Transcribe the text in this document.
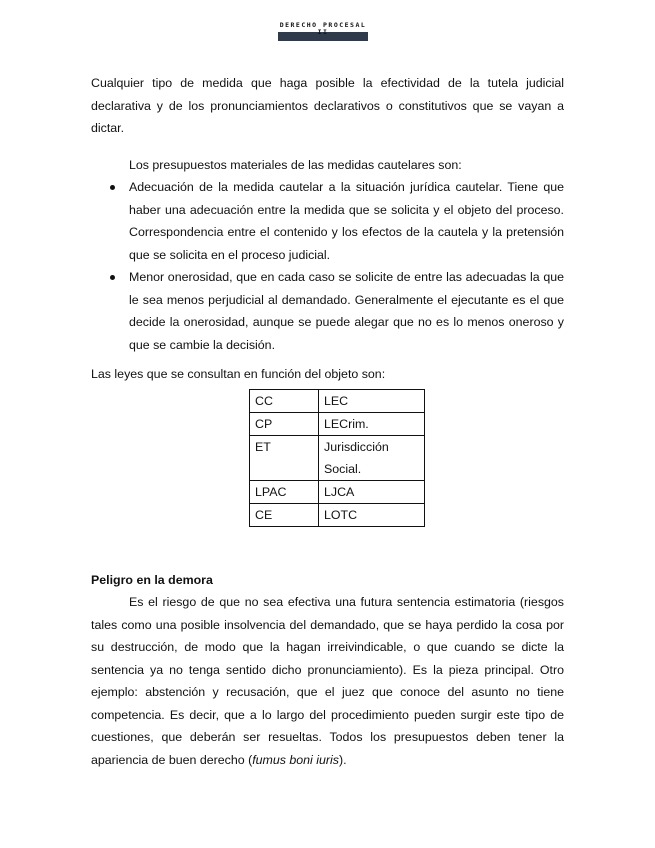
DERECHO PROCESAL II

Cualquier tipo de medida que haga posible la efectividad de la tutela judicial declarativa y de los pronunciamientos declarativos o constitutivos que se vayan a dictar.

Los presupuestos materiales de las medidas cautelares son:

Adecuación de la medida cautelar a la situación jurídica cautelar. Tiene que haber una adecuación entre la medida que se solicita y el objeto del proceso. Correspondencia entre el contenido y los efectos de la cautela y la pretensión que se solicita en el proceso judicial.
Menor onerosidad, que en cada caso se solicite de entre las adecuadas la que le sea menos perjudicial al demandado. Generalmente el ejecutante es el que decide la onerosidad, aunque se puede alegar que no es lo menos oneroso y que se cambie la decisión.

Las leyes que se consultan en función del objeto son:

CC	LEC
CP	LECrim.
ET	Jurisdicción Social.
LPAC	LJCA
CE	LOTC
Peligro en la demora

Es el riesgo de que no sea efectiva una futura sentencia estimatoria (riesgos tales como una posible insolvencia del demandado, que se haya perdido la cosa por su destrucción, de modo que la hagan irreivindicable, o que cuando se dicte la sentencia ya no tenga sentido dicho pronunciamiento). Es la pieza principal. Otro ejemplo: abstención y recusación, que el juez que conoce del asunto no tiene competencia. Es decir, que a lo largo del procedimiento pueden surgir este tipo de cuestiones, que deberán ser resueltas. Todos los presupuestos deben tener la apariencia de buen derecho (fumus boni iuris).
